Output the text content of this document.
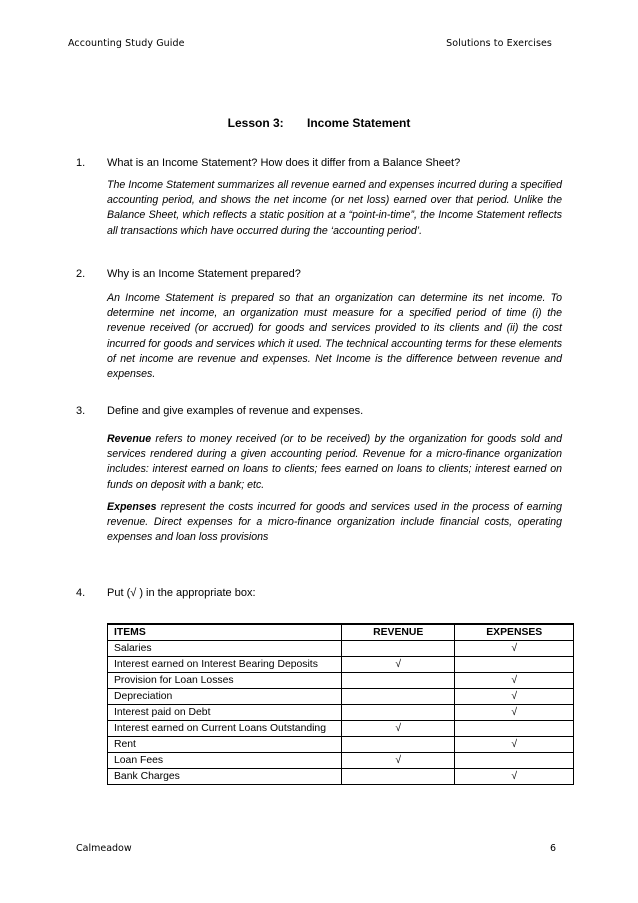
Accounting Study Guide	Solutions to Exercises
Lesson 3: Income Statement
1. What is an Income Statement? How does it differ from a Balance Sheet?
The Income Statement summarizes all revenue earned and expenses incurred during a specified accounting period, and shows the net income (or net loss) earned over that period. Unlike the Balance Sheet, which reflects a static position at a “point-in-time”, the Income Statement reflects all transactions which have occurred during the ‘accounting period’.
2. Why is an Income Statement prepared?
An Income Statement is prepared so that an organization can determine its net income. To determine net income, an organization must measure for a specified period of time (i) the revenue received (or accrued) for goods and services provided to its clients and (ii) the cost incurred for goods and services which it used. The technical accounting terms for these elements of net income are revenue and expenses. Net Income is the difference between revenue and expenses.
3. Define and give examples of revenue and expenses.
Revenue refers to money received (or to be received) by the organization for goods sold and services rendered during a given accounting period. Revenue for a micro-finance organization includes: interest earned on loans to clients; fees earned on loans to clients; interest earned on funds on deposit with a bank; etc.
Expenses represent the costs incurred for goods and services used in the process of earning revenue. Direct expenses for a micro-finance organization include financial costs, operating expenses and loan loss provisions
4. Put (√ ) in the appropriate box:
ITEMS	REVENUE	EXPENSES
Salaries		√
Interest earned on Interest Bearing Deposits	√	
Provision for Loan Losses		√
Depreciation		√
Interest paid on Debt		√
Interest earned on Current Loans Outstanding	√	
Rent		√
Loan Fees	√	
Bank Charges		√
Calmeadow	6
